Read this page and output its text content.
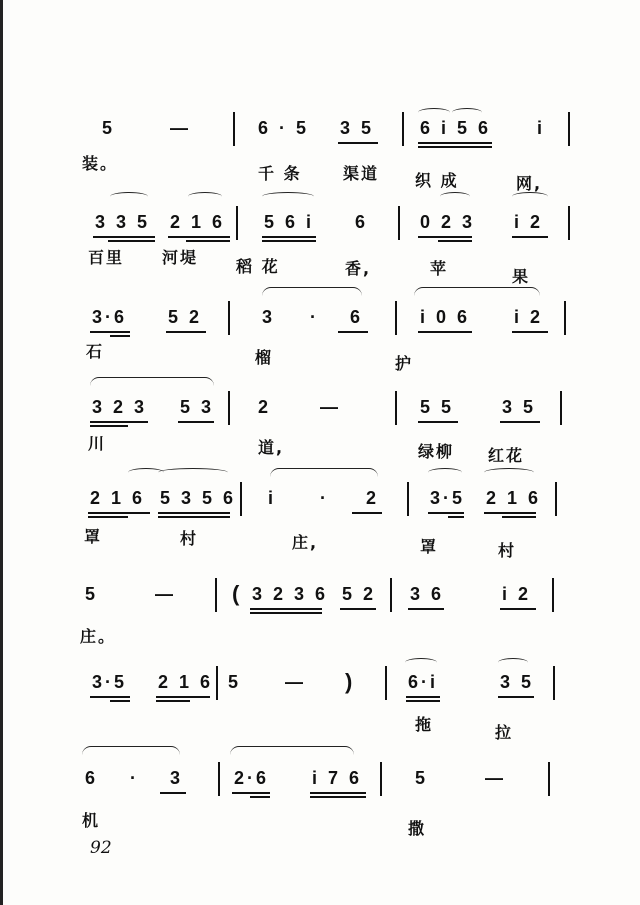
5	—	6 · 5 3 5	6 i 5 6	i
装。
千 条	渠道 织 成	网,
3 3 5 2 1 6 5 6 i 6	0 2 3 i 2
百里 河堤 稻 花	香,	苹	果
3·6 5 2	3 · 6	i 0 6 i 2
石	榴	护
3 2 3 5 3 2	—	5 5	3 5
川	道,	绿柳 红花
2 1 6 5 3 5 6 i · 2	3·5 2 1 6
罩	村	庄,	罩	村
5	—	( 3 2 3 6 5 2 3 6	i 2
庄。
3·5 2 1 6 5 — )	6·i	3 5
拖	拉
6 · 3	2·6 i 7 6	5	—
机	撒
92
